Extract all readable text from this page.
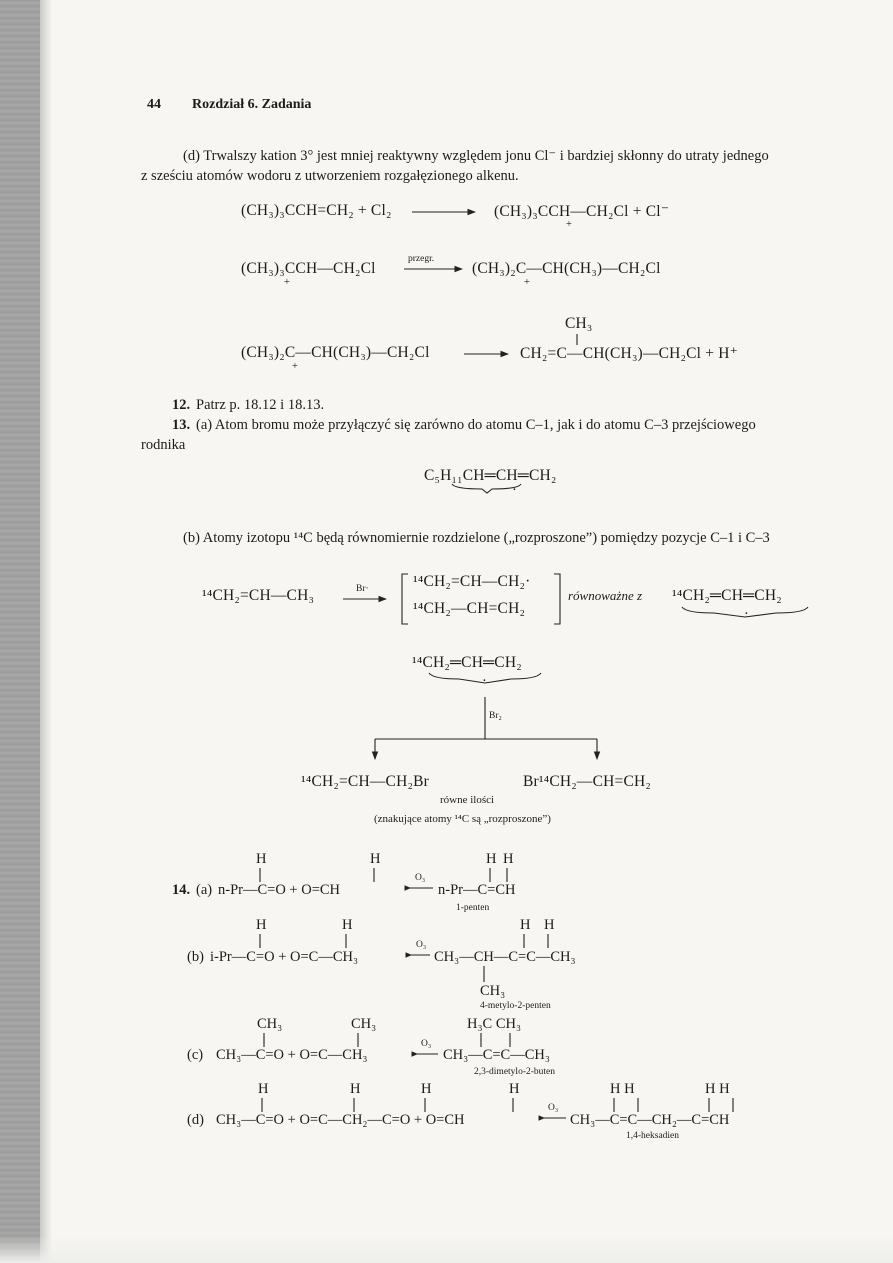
44 Rozdział 6. Zadania
(d) Trwalszy kation 3° jest mniej reaktywny względem jonu Cl⁻ i bardziej skłonny do utraty jednego
z sześciu atomów wodoru z utworzeniem rozgałęzionego alkenu.
(CH₃)₃CCH=CH₂ + Cl₂	(CH₃)₃CCH—CH₂Cl + Cl⁻
+
(CH₃)₃CCH—CH₂Cl
+
przegr.
(CH₃)₂C—CH(CH₃)—CH₂Cl
+
CH₃
(CH₃)₂C—CH(CH₃)—CH₂Cl
+
CH₂=C—CH(CH₃)—CH₂Cl + H⁺
12. Patrz p. 18.12 i 18.13.
13. (a) Atom bromu może przyłączyć się zarówno do atomu C–1, jak i do atomu C–3 przejściowego
rodnika
C₅H₁₁CH═CH═CH₂
·
(b) Atomy izotopu ¹⁴C będą równomiernie rozdzielone („rozproszone”) pomiędzy pozycje C–1 i C–3
¹⁴CH₂=CH—CH₃	Br·	¹⁴CH₂=CH—CH₂·
¹⁴CH₂—CH=CH₂
równoważne z ¹⁴CH₂═CH═CH₂
·
¹⁴CH₂═CH═CH₂
·
Br₂
¹⁴CH₂=CH—CH₂Br	Br¹⁴CH₂—CH=CH₂
równe ilości
(znakujące atomy ¹⁴C są „rozproszone”)
H	H	H H
14. (a) n-Pr—C=O + O=CH
O₃
n-Pr—C=CH
1-penten
H	H	H H
(b) i-Pr—C=O + O=C—CH₃
O₃
CH₃—CH—C=C—CH₃
CH₃
4-metylo-2-penten
CH₃	CH₃	H₃C CH₃
(c) CH₃—C=O + O=C—CH₃
O₃
CH₃—C=C—CH₃
2,3-dimetylo-2-buten
H	H	H	H	H H	H H
(d) CH₃—C=O + O=C—CH₂—C=O + O=CH
O₃
CH₃—C=C—CH₂—C=CH
1,4-heksadien
